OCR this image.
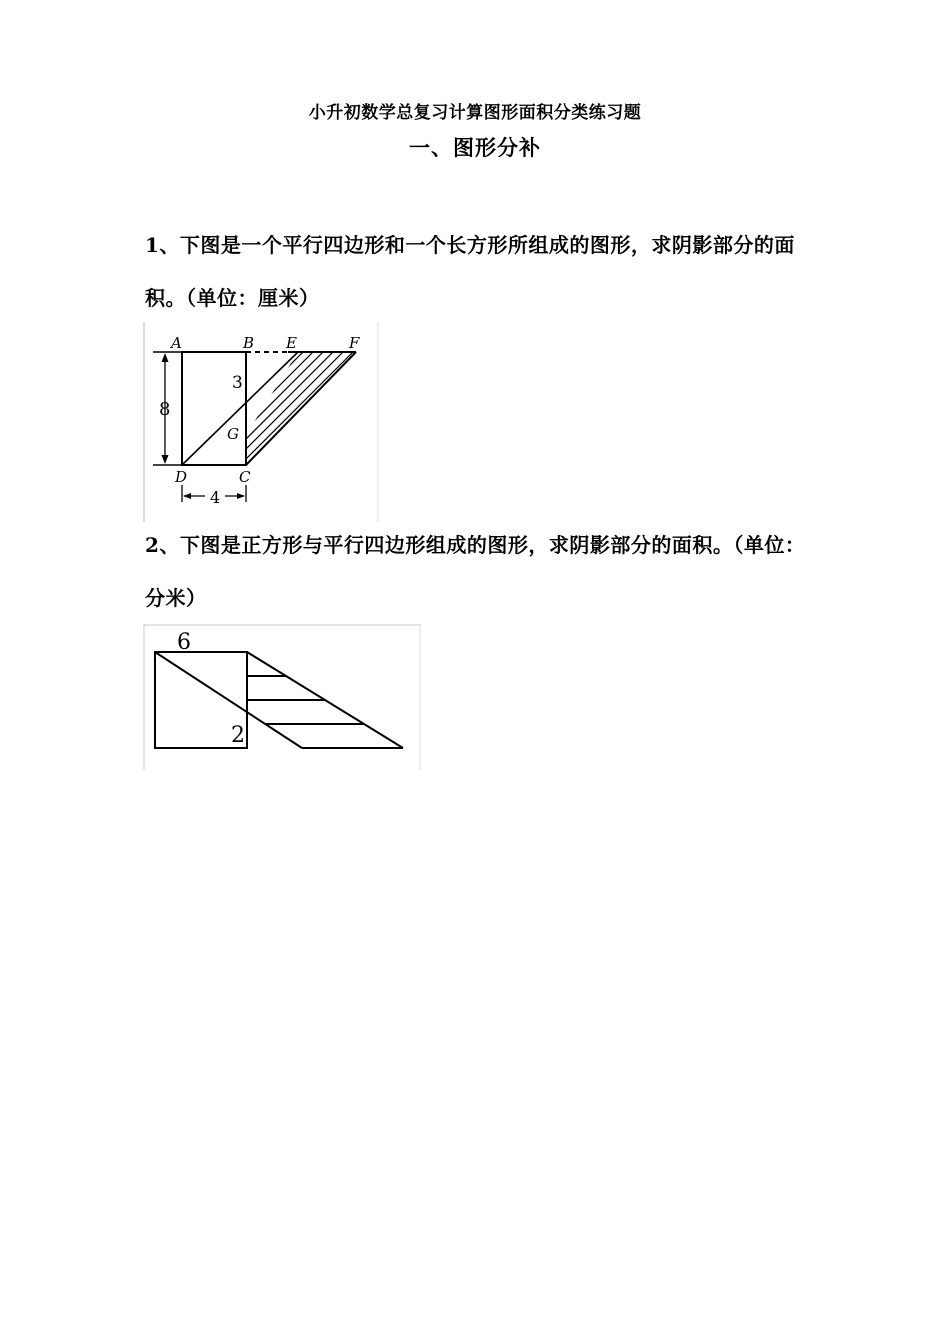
小升初数学总复习计算图形面积分类练习题
一、图形分补
1、下图是一个平行四边形和一个长方形所组成的图形，求阴影部分的面积。（单位：厘米）
A	B E	F
3
G
8
D	C
4
2、下图是正方形与平行四边形组成的图形，求阴影部分的面积。（单位：分米）
6
2
